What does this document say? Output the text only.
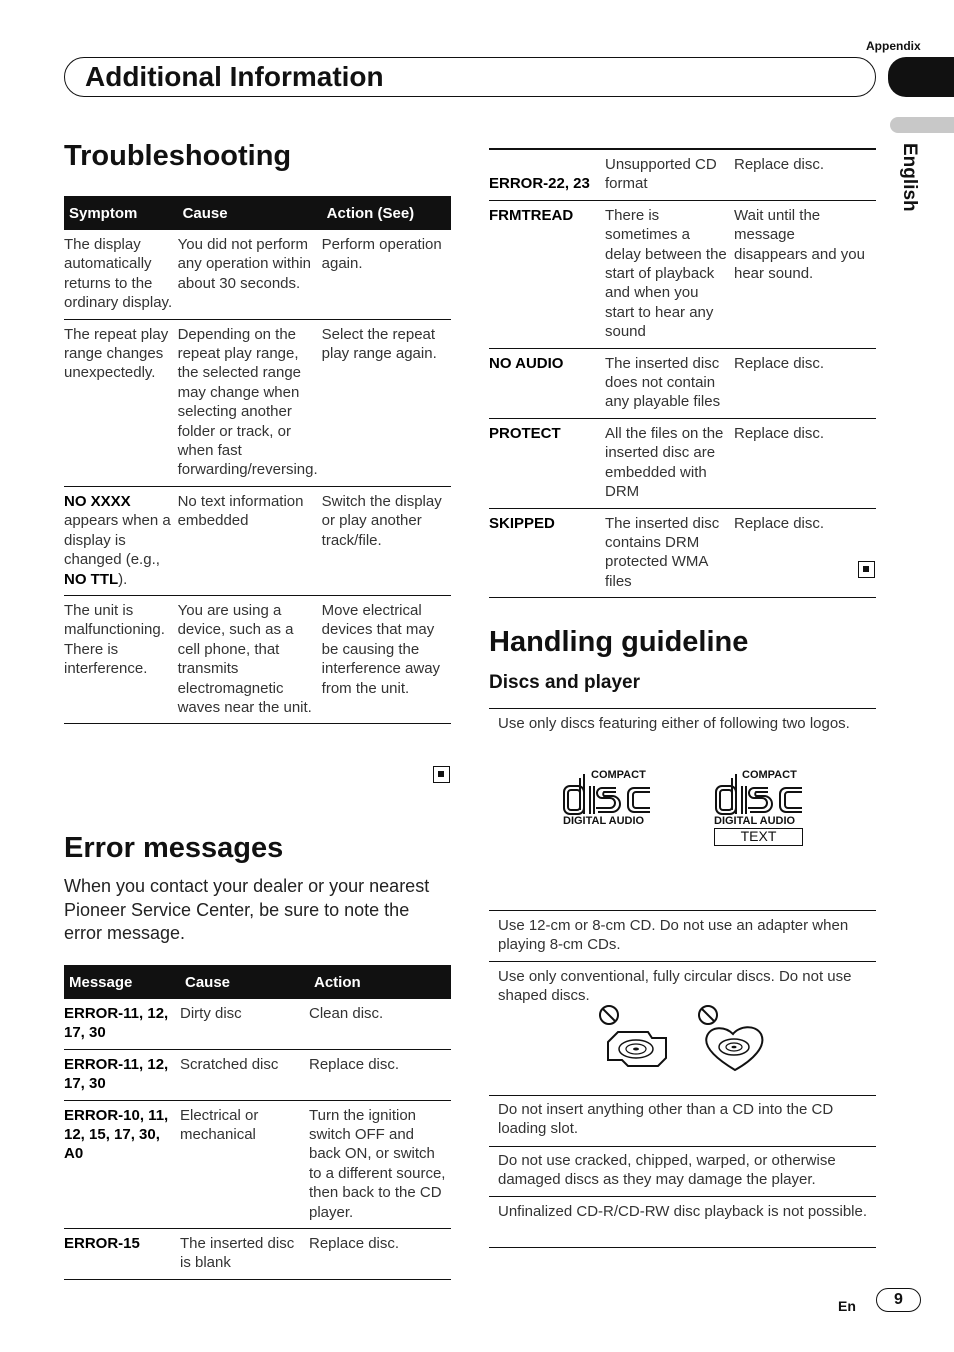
Appendix
Additional Information
English
Troubleshooting
Symptom	Cause	Action (See)
The display automatically returns to the ordinary display.	You did not perform any operation within about 30 seconds.	Perform operation again.
The repeat play range changes unexpectedly.	Depending on the repeat play range, the selected range may change when selecting another folder or track, or when fast forwarding/reversing.	Select the repeat play range again.
NO XXXX appears when a display is changed (e.g., NO TTL).	No text information embedded	Switch the display or play another track/file.
The unit is malfunctioning. There is interference.	You are using a device, such as a cell phone, that transmits electromagnetic waves near the unit.	Move electrical devices that may be causing the interference away from the unit.
Error messages
When you contact your dealer or your nearest Pioneer Service Center, be sure to note the error message.
Message	Cause	Action
ERROR-11, 12, 17, 30	Dirty disc	Clean disc.
ERROR-11, 12, 17, 30	Scratched disc	Replace disc.
ERROR-10, 11, 12, 15, 17, 30, A0	Electrical or mechanical	Turn the ignition switch OFF and back ON, or switch to a different source, then back to the CD player.
ERROR-15	The inserted disc is blank	Replace disc.
ERROR-22, 23	Unsupported CD format	Replace disc.
FRMTREAD	There is sometimes a delay between the start of playback and when you start to hear any sound	Wait until the message disappears and you hear sound.
NO AUDIO	The inserted disc does not contain any playable files	Replace disc.
PROTECT	All the files on the inserted disc are embedded with DRM	Replace disc.
SKIPPED	The inserted disc contains DRM protected WMA files	Replace disc.
Handling guideline
Discs and player
Use only discs featuring either of following two logos.
COMPACT
DIGITAL AUDIO
COMPACT
DIGITAL AUDIO
TEXT
Use 12-cm or 8-cm CD. Do not use an adapter when playing 8-cm CDs.
Use only conventional, fully circular discs. Do not use shaped discs.
Do not insert anything other than a CD into the CD loading slot.
Do not use cracked, chipped, warped, or otherwise damaged discs as they may damage the player.
Unfinalized CD-R/CD-RW disc playback is not possible.
En	9
